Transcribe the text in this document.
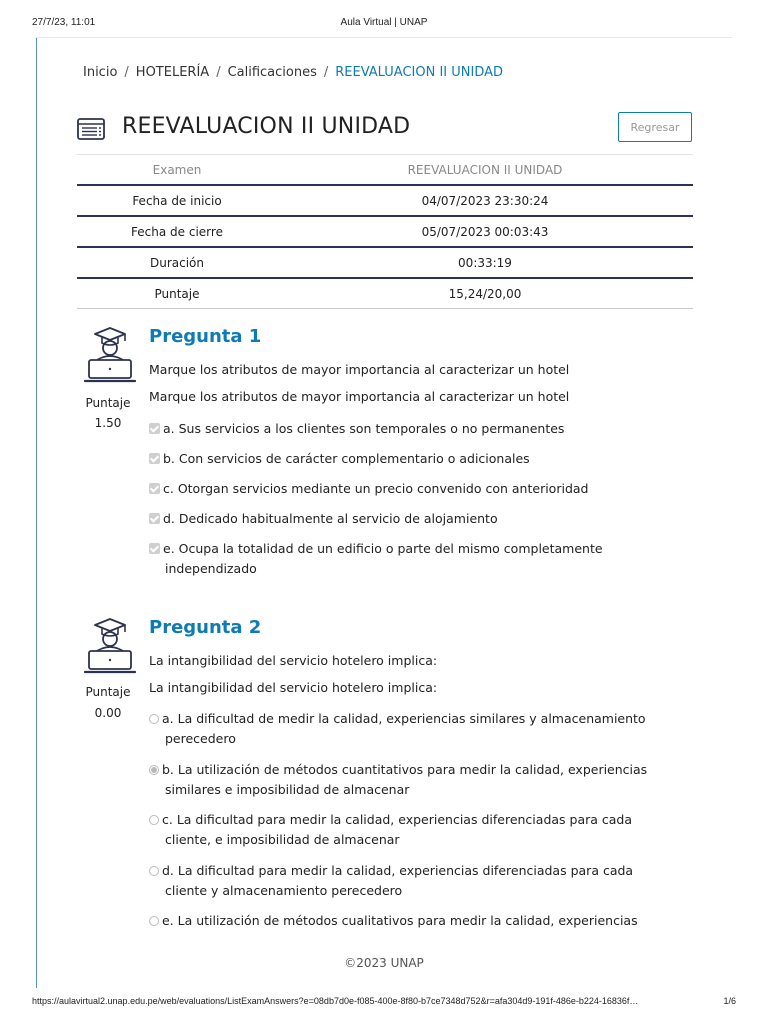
27/7/23, 11:01	Aula Virtual | UNAP
Inicio / HOTELERÍA / Calificaciones / REEVALUACION II UNIDAD
REEVALUACION II UNIDAD	Regresar
Examen	REEVALUACION II UNIDAD
Fecha de inicio	04/07/2023 23:30:24
Fecha de cierre	05/07/2023 00:03:43
Duración	00:33:19
Puntaje	15,24/20,00
Puntaje
1.50
Pregunta 1
Marque los atributos de mayor importancia al caracterizar un hotel
Marque los atributos de mayor importancia al caracterizar un hotel
a. Sus servicios a los clientes son temporales o no permanentes
b. Con servicios de carácter complementario o adicionales
c. Otorgan servicios mediante un precio convenido con anterioridad
d. Dedicado habitualmente al servicio de alojamiento
e. Ocupa la totalidad de un edificio o parte del mismo completamente
independizado
Puntaje
0.00
Pregunta 2
La intangibilidad del servicio hotelero implica:
La intangibilidad del servicio hotelero implica:
a. La dificultad de medir la calidad, experiencias similares y almacenamiento
perecedero
b. La utilización de métodos cuantitativos para medir la calidad, experiencias
similares e imposibilidad de almacenar
c. La dificultad para medir la calidad, experiencias diferenciadas para cada
cliente, e imposibilidad de almacenar
d. La dificultad para medir la calidad, experiencias diferenciadas para cada
cliente y almacenamiento perecedero
e. La utilización de métodos cualitativos para medir la calidad, experiencias
©2023 UNAP
https://aulavirtual2.unap.edu.pe/web/evaluations/ListExamAnswers?e=08db7d0e-f085-400e-8f80-b7ce7348d752&r=afa304d9-191f-486e-b224-16836f…	1/6
